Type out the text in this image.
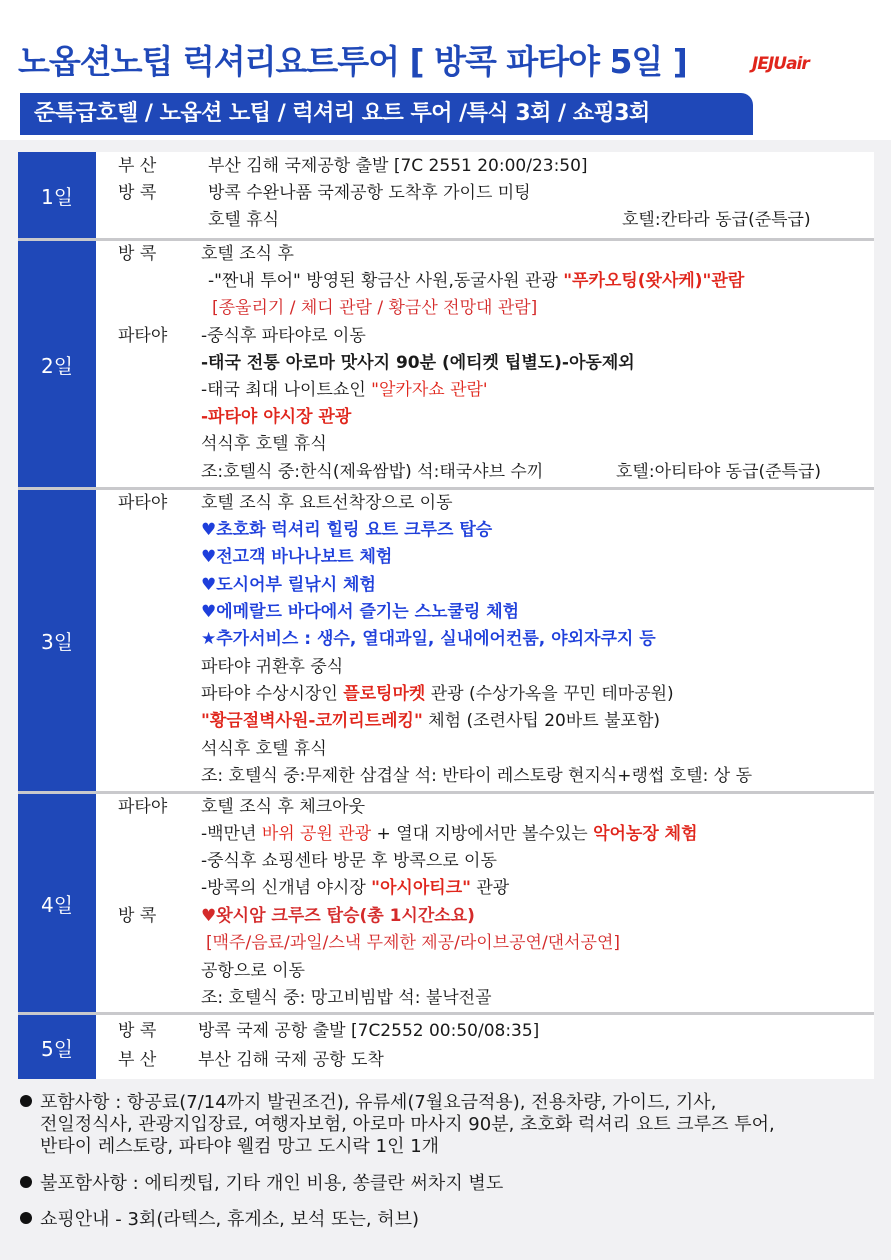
노옵션노팁 럭셔리요트투어 [ 방콕 파타야 5일 ]	JEJUair
준특급호텔 / 노옵션 노팁 / 럭셔리 요트 투어 /특식 3회 / 쇼핑3회
1일
부 산	부산 김해 국제공항 출발 [7C 2551 20:00/23:50]
방 콕	방콕 수완나품 국제공항 도착후 가이드 미팅
호텔 휴식	호텔:칸타라 동급(준특급)
2일
방 콕	호텔 조식 후
-"짠내 투어" 방영된 황금산 사원,동굴사원 관광 "푸카오팅(왓사케)"관람
[종울리기 / 체디 관람 / 황금산 전망대 관람]
파타야 -중식후 파타야로 이동
-태국 전통 아로마 맛사지 90분 (에티켓 팁별도)-아동제외
-태국 최대 나이트쇼인 "알카자쇼 관람'
-파타야 야시장 관광
석식후 호텔 휴식
조:호텔식 중:한식(제육쌈밥) 석:태국샤브 수끼	호텔:아티타야 동급(준특급)
3일
파타야 호텔 조식 후 요트선착장으로 이동
♥초호화 럭셔리 힐링 요트 크루즈 탑승
♥전고객 바나나보트 체험
♥도시어부 릴낚시 체험
♥에메랄드 바다에서 즐기는 스노쿨링 체험
★추가서비스 : 생수, 열대과일, 실내에어컨룸, 야외자쿠지 등
파타야 귀환후 중식
파타야 수상시장인 플로팅마켓 관광 (수상가옥을 꾸민 테마공원)
"황금절벽사원-코끼리트레킹" 체험 (조련사팁 20바트 불포함)
석식후 호텔 휴식
조: 호텔식 중:무제한 삼겹살 석: 반타이 레스토랑 현지식+랭썹 호텔: 상 동
4일
파타야 호텔 조식 후 체크아웃
-백만년 바위 공원 관광 + 열대 지방에서만 볼수있는 악어농장 체험
-중식후 쇼핑센타 방문 후 방콕으로 이동
-방콕의 신개념 야시장 "아시아티크" 관광
방 콕	♥왓시암 크루즈 탑승(총 1시간소요)
[맥주/음료/과일/스낵 무제한 제공/라이브공연/댄서공연]
공항으로 이동
조: 호텔식 중: 망고비빔밥 석: 불낙전골
5일
방 콕 방콕 국제 공항 출발 [7C2552 00:50/08:35]
부 산 부산 김해 국제 공항 도착
포함사항 : 항공료(7/14까지 발권조건), 유류세(7월요금적용), 전용차량, 가이드, 기사,
전일정식사, 관광지입장료, 여행자보험, 아로마 마사지 90분, 초호화 럭셔리 요트 크루즈 투어,
반타이 레스토랑, 파타야 웰컴 망고 도시락 1인 1개
불포함사항 : 에티켓팁, 기타 개인 비용, 쏭클란 써차지 별도
쇼핑안내 - 3회(라텍스, 휴게소, 보석 또는, 허브)
